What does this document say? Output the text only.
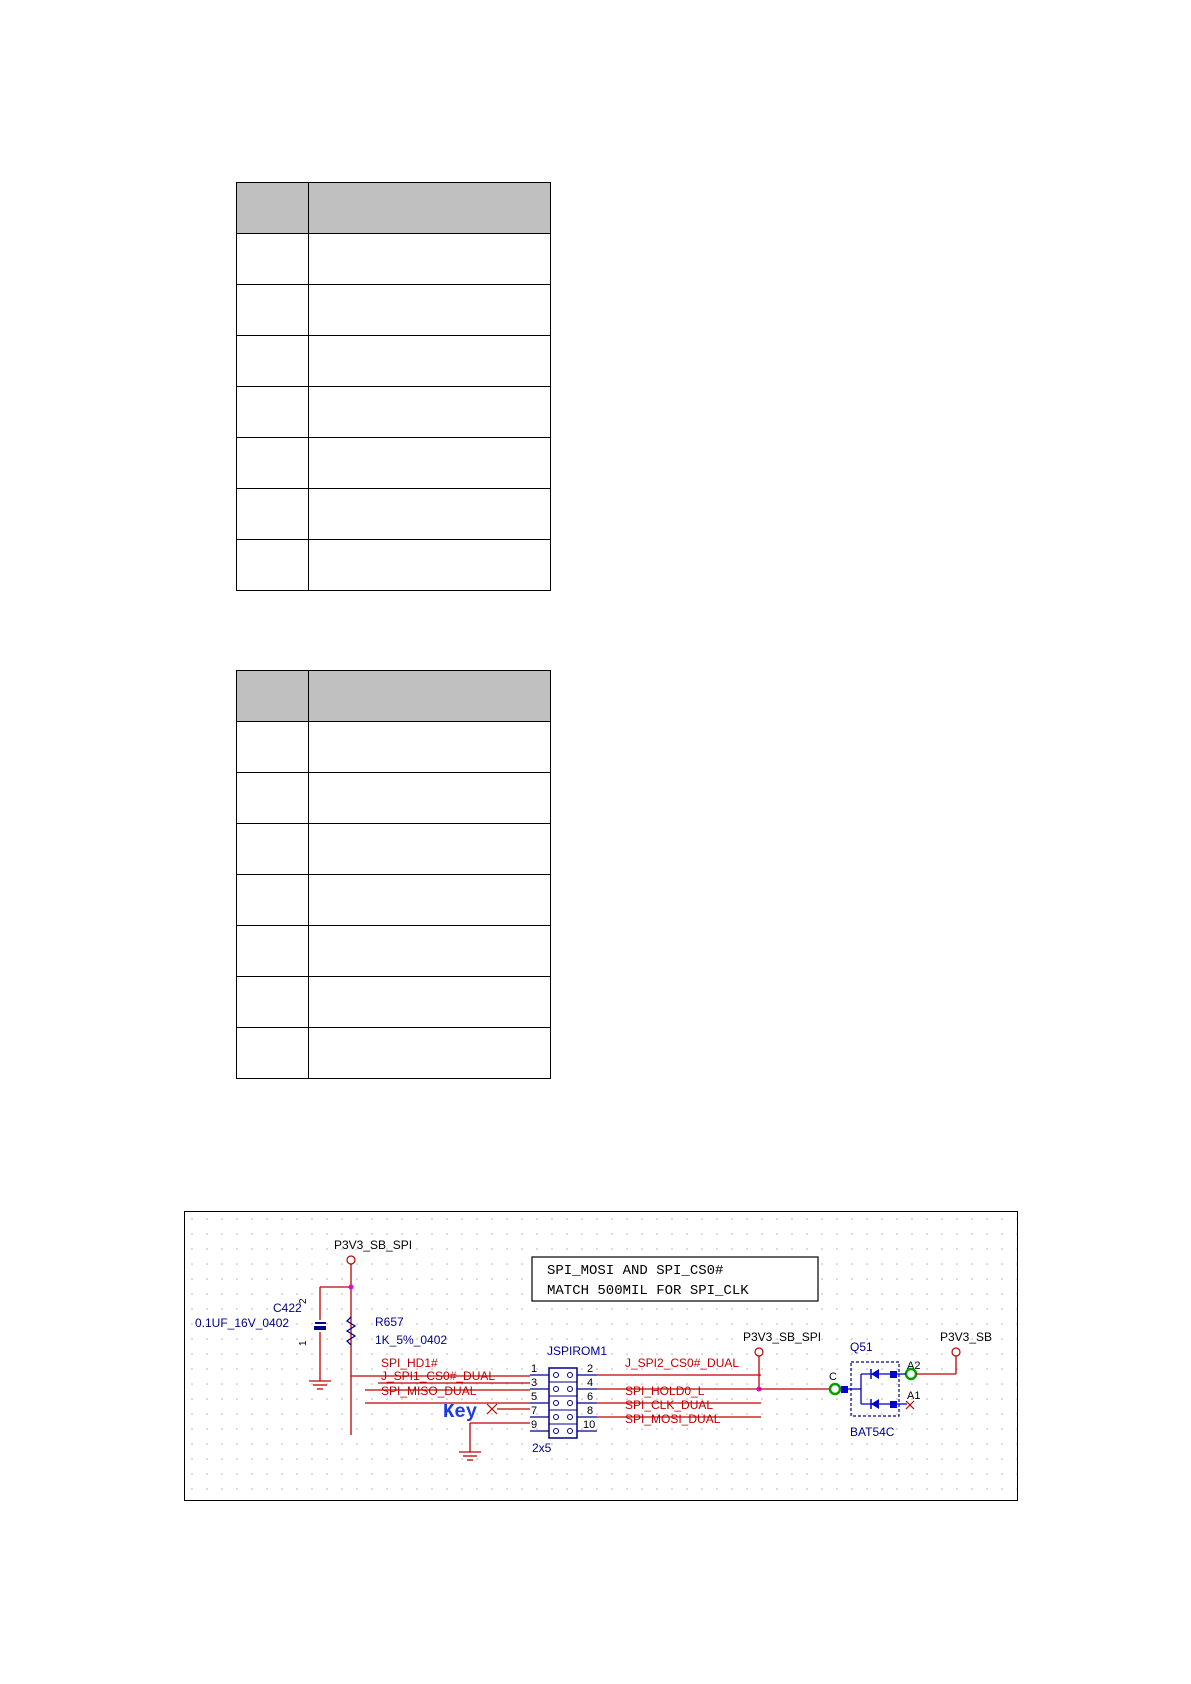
SPI_MOSI AND SPI_CS0#
MATCH 500MIL FOR SPI_CLK
P3V3_SB_SPI
C422
0.1UF_16V_0402
2
1
R657
1K_5%_0402
SPI_HD1#
J_SPI1_CS0#_DUAL
SPI_MISO_DUAL
Key
JSPIROM1
2x5
1
3
5
7
9
2
4
6
8
10
J_SPI2_CS0#_DUAL
SPI_HOLD0_L
SPI_CLK_DUAL
SPI_MOSI_DUAL
P3V3_SB_SPI
Q51
BAT54C
C
A2
A1
P3V3_SB
